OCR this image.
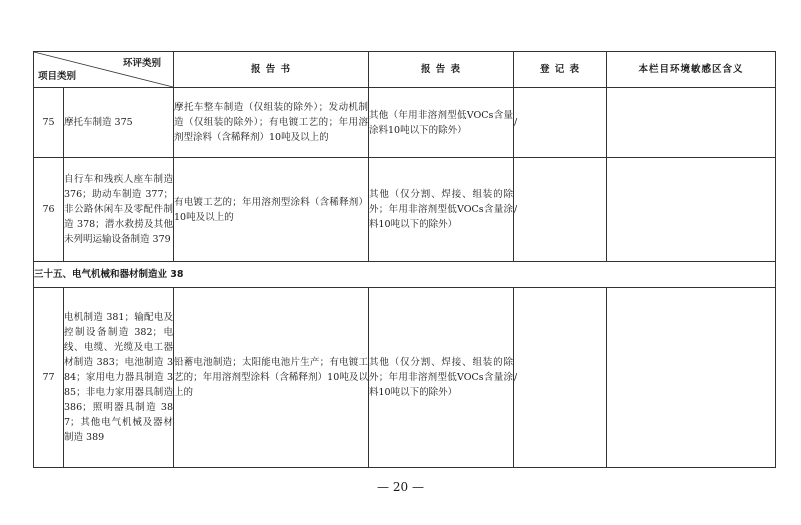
环评类别
项目类别		报 告 书	报 告 表	登 记 表	本栏目环境敏感区含义
75	摩托车制造 375	摩托车整车制造（仅组装的除外）；发动机制造（仅组装的除外）；有电镀工艺的；年用溶剂型涂料（含稀释剂）10吨及以上的	其他（年用非溶剂型低VOCs含量涂料10吨以下的除外）	/	
76	自行车和残疾人座车制造 376；助动车制造 377；非公路休闲车及零配件制造 378；潜水救捞及其他未列明运输设备制造 379	有电镀工艺的；年用溶剂型涂料（含稀释剂）10吨及以上的	其他（仅分割、焊接、组装的除外；年用非溶剂型低VOCs含量涂料10吨以下的除外）	/	
三十五、电气机械和器材制造业 38					
77	电机制造 381；输配电及控制设备制造 382；电线、电缆、光缆及电工器材制造 383；电池制造 384；家用电力器具制造 385；非电力家用器具制造 386；照明器具制造 387；其他电气机械及器材制造 389	铅蓄电池制造；太阳能电池片生产；有电镀工艺的；年用溶剂型涂料（含稀释剂）10吨及以上的	其他（仅分割、焊接、组装的除外；年用非溶剂型低VOCs含量涂料10吨以下的除外）	/	
— 20 —
